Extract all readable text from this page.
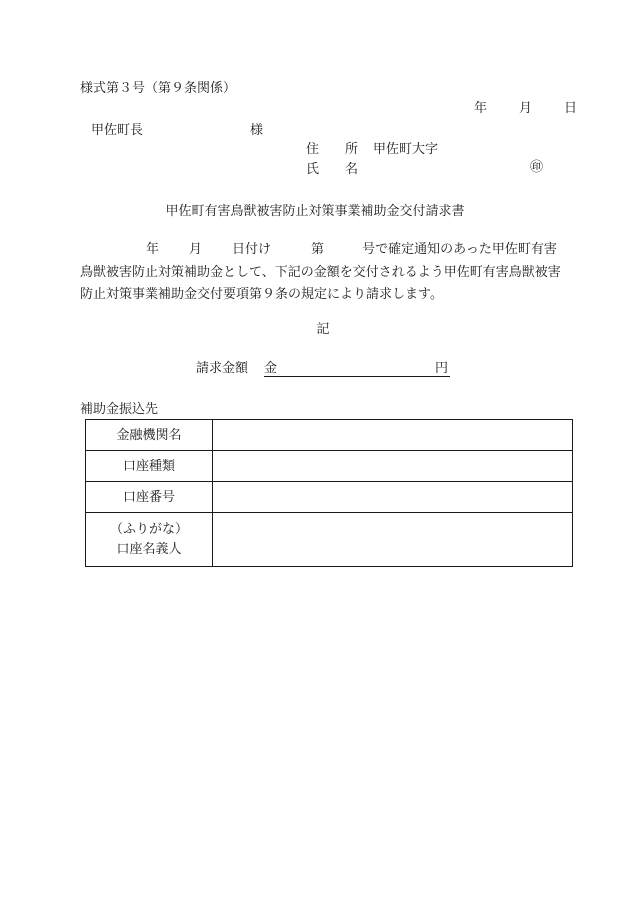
様式第３号（第９条関係）
年 月 日
甲佐町長	様
住　　所 甲佐町大字
氏　　名	㊞
甲佐町有害鳥獣被害防止対策事業補助金交付請求書
年 月 日付け	第	号で確定通知のあった甲佐町有害
鳥獣被害防止対策補助金として、下記の金額を交付されるよう甲佐町有害鳥獣被害
防止対策事業補助金交付要項第９条の規定により請求します。
記
請求金額 金	円
補助金振込先
金融機関名	
口座種類	
口座番号	

（ふりがな）
口座名義人	
